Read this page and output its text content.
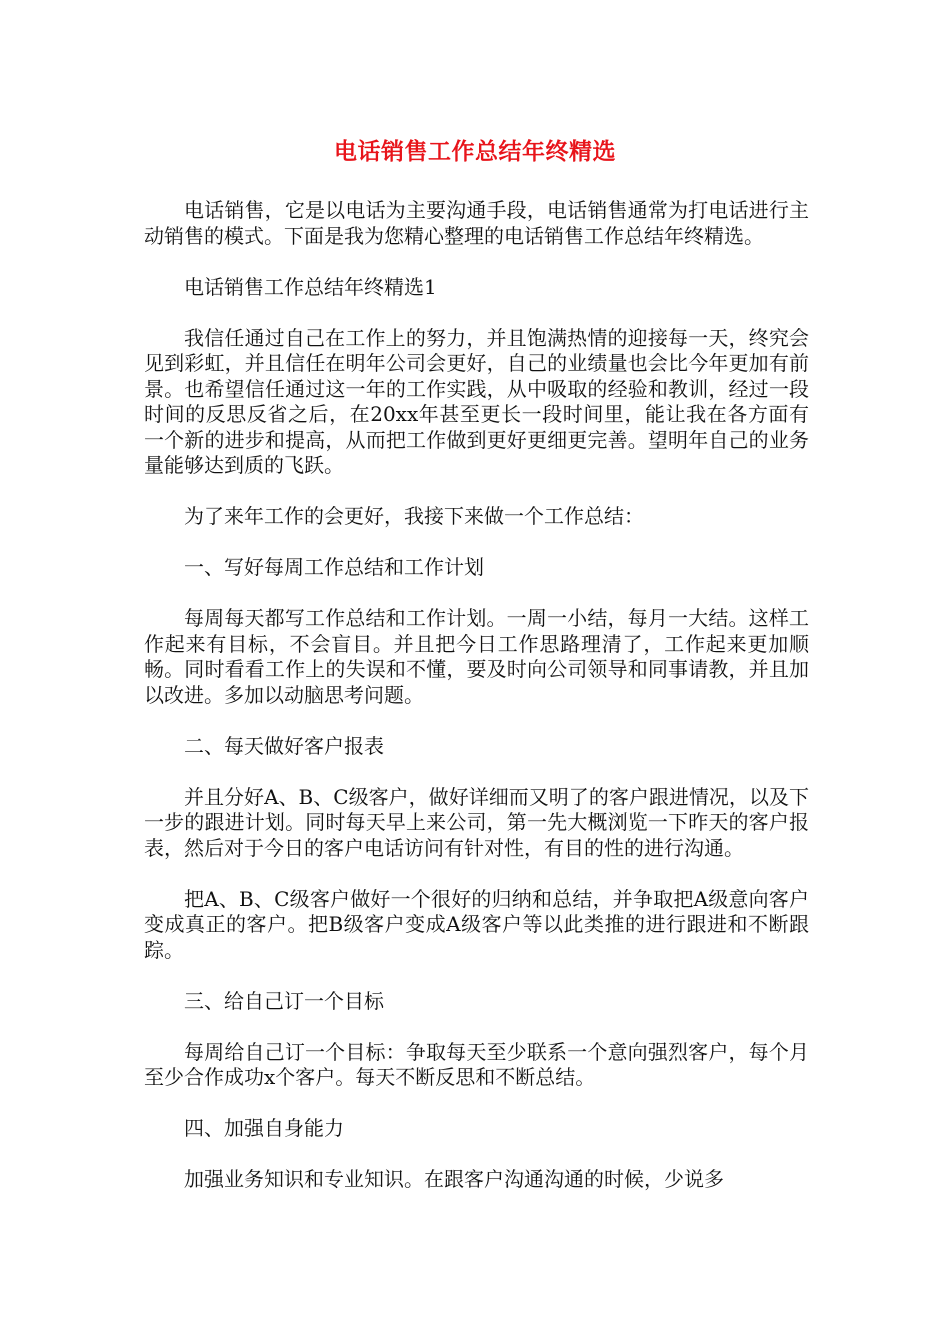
电话销售工作总结年终精选

电话销售，它是以电话为主要沟通手段，电话销售通常为打电话进行主动销售的模式。下面是我为您精心整理的电话销售工作总结年终精选。

电话销售工作总结年终精选1

我信任通过自己在工作上的努力，并且饱满热情的迎接每一天，终究会见到彩虹，并且信任在明年公司会更好，自己的业绩量也会比今年更加有前景。也希望信任通过这一年的工作实践，从中吸取的经验和教训，经过一段时间的反思反省之后，在20xx年甚至更长一段时间里，能让我在各方面有一个新的进步和提高，从而把工作做到更好更细更完善。望明年自己的业务量能够达到质的飞跃。

为了来年工作的会更好，我接下来做一个工作总结：

一、写好每周工作总结和工作计划

每周每天都写工作总结和工作计划。一周一小结，每月一大结。这样工作起来有目标，不会盲目。并且把今日工作思路理清了，工作起来更加顺畅。同时看看工作上的失误和不懂，要及时向公司领导和同事请教，并且加以改进。多加以动脑思考问题。

二、每天做好客户报表

并且分好A、B、C级客户，做好详细而又明了的客户跟进情况，以及下一步的跟进计划。同时每天早上来公司，第一先大概浏览一下昨天的客户报表，然后对于今日的客户电话访问有针对性，有目的性的进行沟通。

把A、B、C级客户做好一个很好的归纳和总结，并争取把A级意向客户变成真正的客户。把B级客户变成A级客户等以此类推的进行跟进和不断跟踪。

三、给自己订一个目标

每周给自己订一个目标：争取每天至少联系一个意向强烈客户，每个月至少合作成功x个客户。每天不断反思和不断总结。

四、加强自身能力

加强业务知识和专业知识。在跟客户沟通沟通的时候，少说多
